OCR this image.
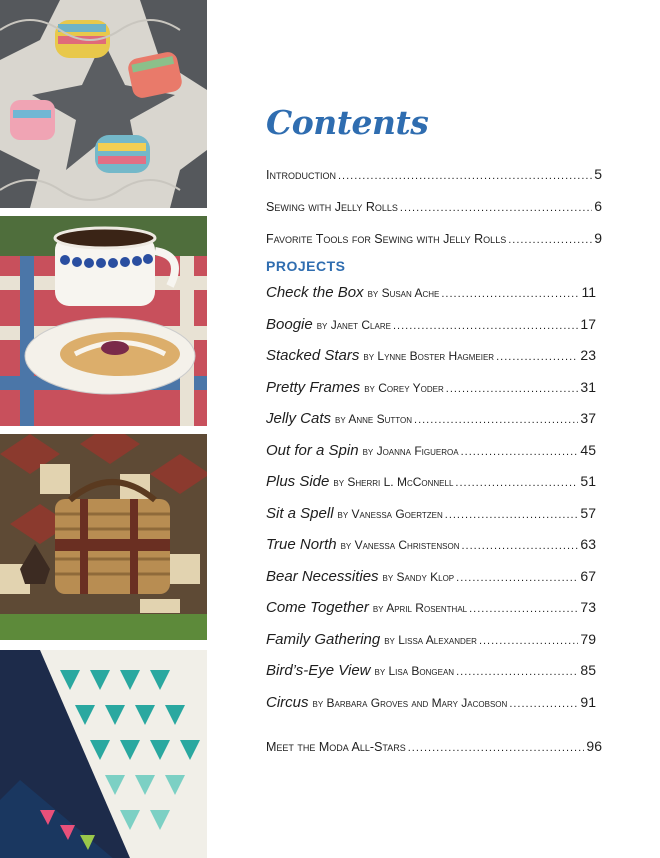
Contents
Introduction .....	5
Sewing with Jelly Rolls .....	6
Favorite Tools for Sewing with Jelly Rolls .....	9
PROJECTS
Check the Box by Susan Ache .....	11
Boogie by Janet Clare .....	17
Stacked Stars by Lynne Boster Hagmeier .....	23
Pretty Frames by Corey Yoder .....	31
Jelly Cats by Anne Sutton .....	37
Out for a Spin by Joanna Figueroa .....	45
Plus Side by Sherri L. McConnell .....	51
Sit a Spell by Vanessa Goertzen .....	57
True North by Vanessa Christenson .....	63
Bear Necessities by Sandy Klop .....	67
Come Together by April Rosenthal .....	73
Family Gathering by Lissa Alexander .....	79
Bird’s-Eye View by Lisa Bongean .....	85
Circus by Barbara Groves and Mary Jacobson .....	91
Meet the Moda All-Stars .....	96
